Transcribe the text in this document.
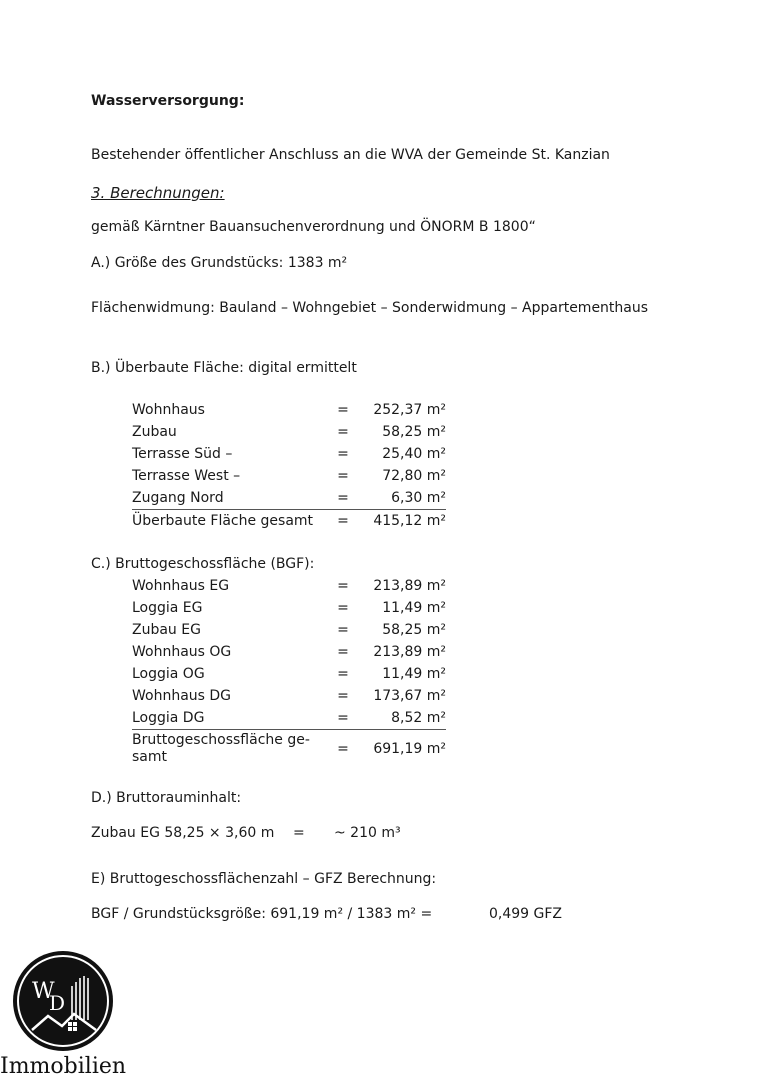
Wasserversorgung:
Bestehender öffentlicher Anschluss an die WVA der Gemeinde St. Kanzian
3. Berechnungen:
gemäß Kärntner Bauansuchenverordnung und ÖNORM B 1800“
A.) Größe des Grundstücks: 1383 m²
Flächenwidmung: Bauland – Wohngebiet – Sonderwidmung – Appartementhaus
B.) Überbaute Fläche: digital ermittelt
Wohnhaus	=	252,37 m²
Zubau	=	58,25 m²
Terrasse Süd –	=	25,40 m²
Terrasse West –	=	72,80 m²
Zugang Nord	=	6,30 m²
Überbaute Fläche gesamt	=	415,12 m²
C.) Bruttogeschossfläche (BGF):
Wohnhaus EG	=	213,89 m²
Loggia EG	=	11,49 m²
Zubau EG	=	58,25 m²
Wohnhaus OG	=	213,89 m²
Loggia OG	=	11,49 m²
Wohnhaus DG	=	173,67 m²
Loggia DG	=	8,52 m²
Bruttogeschossfläche ge-
samt	=	691,19 m²
D.) Bruttorauminhalt:
Zubau EG 58,25 × 3,60 m = ~ 210 m³
E) Bruttogeschossflächenzahl – GFZ Berechnung:
BGF / Grundstücksgröße: 691,19 m² / 1383 m² =	0,499 GFZ
W
D
Immobilien
